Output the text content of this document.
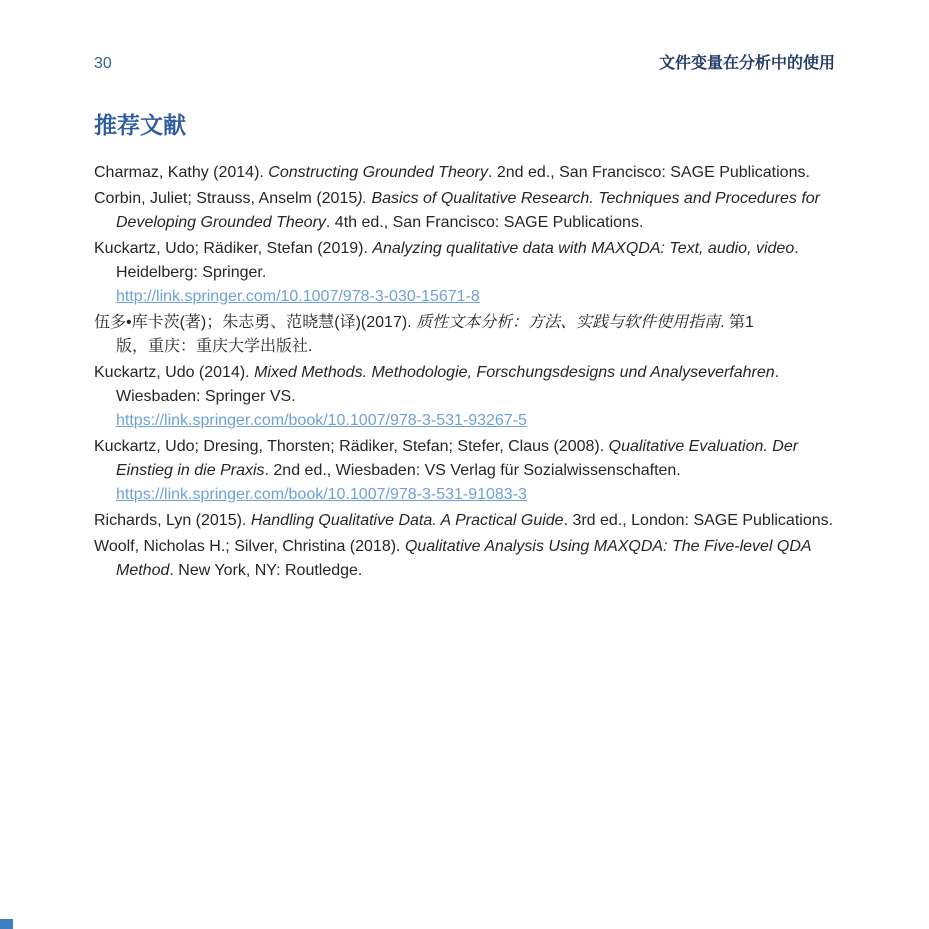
30	文件变量在分析中的使用
推荐文献

Charmaz, Kathy (2014). Constructing Grounded Theory. 2nd ed., San Francisco: SAGE Publications.

Corbin, Juliet; Strauss, Anselm (2015). Basics of Qualitative Research. Techniques and Procedures for
Developing Grounded Theory. 4th ed., San Francisco: SAGE Publications.

Kuckartz, Udo; Rädiker, Stefan (2019). Analyzing qualitative data with MAXQDA: Text, audio, video.
Heidelberg: Springer.
http://link.springer.com/10.1007/978-3-030-15671-8

伍多•库卡茨(著)；朱志勇、范晓慧(译)(2017). 质性文本分析：方法、实践与软件使用指南. 第1
版，重庆：重庆大学出版社.

Kuckartz, Udo (2014). Mixed Methods. Methodologie, Forschungsdesigns und Analyseverfahren.
Wiesbaden: Springer VS.
https://link.springer.com/book/10.1007/978-3-531-93267-5

Kuckartz, Udo; Dresing, Thorsten; Rädiker, Stefan; Stefer, Claus (2008). Qualitative Evaluation. Der
Einstieg in die Praxis. 2nd ed., Wiesbaden: VS Verlag für Sozialwissenschaften.
https://link.springer.com/book/10.1007/978-3-531-91083-3

Richards, Lyn (2015). Handling Qualitative Data. A Practical Guide. 3rd ed., London: SAGE Publications.

Woolf, Nicholas H.; Silver, Christina (2018). Qualitative Analysis Using MAXQDA: The Five-level QDA
Method. New York, NY: Routledge.
